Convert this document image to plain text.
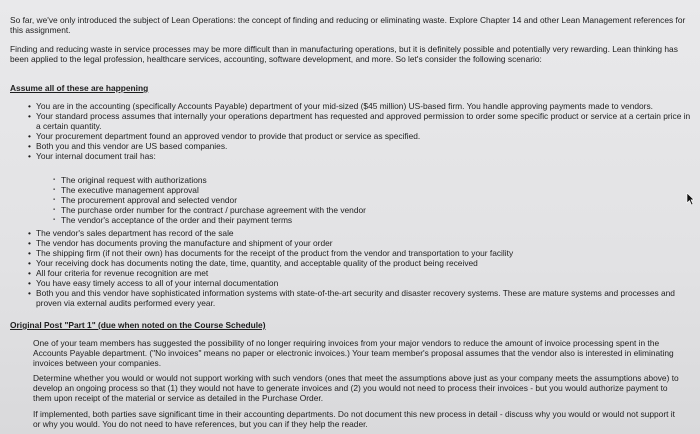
So far, we've only introduced the subject of Lean Operations: the concept of finding and reducing or eliminating waste. Explore Chapter 14 and other Lean Management references for this assignment.

Finding and reducing waste in service processes may be more difficult than in manufacturing operations, but it is definitely possible and potentially very rewarding. Lean thinking has been applied to the legal profession, healthcare services, accounting, software development, and more. So let's consider the following scenario:

Assume all of these are happening

• You are in the accounting (specifically Accounts Payable) department of your mid-sized ($45 million) US-based firm. You handle approving payments made to vendors.
• Your standard process assumes that internally your operations department has requested and approved permission to order some specific product or service at a certain price in a certain quantity.
• Your procurement department found an approved vendor to provide that product or service as specified.
• Both you and this vendor are US based companies.
• Your internal document trail has:
▪ The original request with authorizations
▪ The executive management approval
▪ The procurement approval and selected vendor
▪ The purchase order number for the contract / purchase agreement with the vendor
▪ The vendor's acceptance of the order and their payment terms
• The vendor's sales department has record of the sale
• The vendor has documents proving the manufacture and shipment of your order
• The shipping firm (if not their own) has documents for the receipt of the product from the vendor and transportation to your facility
• Your receiving dock has documents noting the date, time, quantity, and acceptable quality of the product being received
• All four criteria for revenue recognition are met
• You have easy timely access to all of your internal documentation
• Both you and this vendor have sophisticated information systems with state-of-the-art security and disaster recovery systems. These are mature systems and processes and proven via external audits performed every year.

Original Post "Part 1" (due when noted on the Course Schedule)

One of your team members has suggested the possibility of no longer requiring invoices from your major vendors to reduce the amount of invoice processing spent in the Accounts Payable department. ("No invoices" means no paper or electronic invoices.) Your team member's proposal assumes that the vendor also is interested in eliminating invoices between your companies.

Determine whether you would or would not support working with such vendors (ones that meet the assumptions above just as your company meets the assumptions above) to develop an ongoing process so that (1) they would not have to generate invoices and (2) you would not need to process their invoices - but you would authorize payment to them upon receipt of the material or service as detailed in the Purchase Order.

If implemented, both parties save significant time in their accounting departments. Do not document this new process in detail - discuss why you would or would not support it or why you would. You do not need to have references, but you can if they help the reader.
